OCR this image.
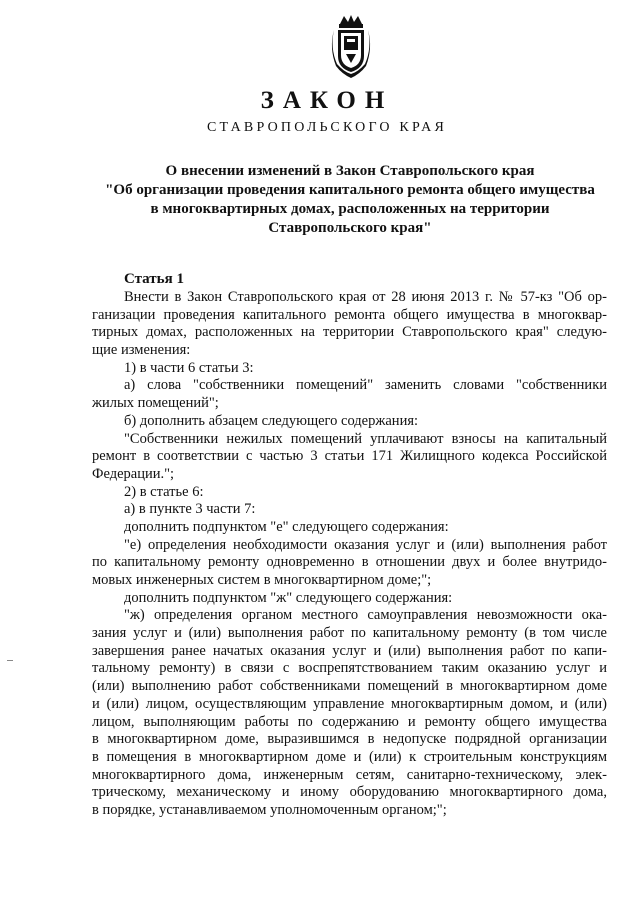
ЗАКОН
СТАВРОПОЛЬСКОГО КРАЯ
О внесении изменений в Закон Ставропольского края
"Об организации проведения капитального ремонта общего имущества
в многоквартирных домах, расположенных на территории
Ставропольского края"
Статья 1
Внести в Закон Ставропольского края от 28 июня 2013 г. № 57-кз "Об ор-
ганизации проведения капитального ремонта общего имущества в многоквар-
тирных домах, расположенных на территории Ставропольского края" следую-
щие изменения:
1) в части 6 статьи 3:
а) слова "собственники помещений" заменить словами "собственники
жилых помещений";
б) дополнить абзацем следующего содержания:
"Собственники нежилых помещений уплачивают взносы на капитальный
ремонт в соответствии с частью 3 статьи 171 Жилищного кодекса Российской
Федерации.";
2) в статье 6:
а) в пункте 3 части 7:
дополнить подпунктом "е" следующего содержания:
"е) определения необходимости оказания услуг и (или) выполнения работ
по капитальному ремонту одновременно в отношении двух и более внутридо-
мовых инженерных систем в многоквартирном доме;";
дополнить подпунктом "ж" следующего содержания:
"ж) определения органом местного самоуправления невозможности ока-
зания услуг и (или) выполнения работ по капитальному ремонту (в том числе
завершения ранее начатых оказания услуг и (или) выполнения работ по капи-
тальному ремонту) в связи с воспрепятствованием таким оказанию услуг и
(или) выполнению работ собственниками помещений в многоквартирном доме
и (или) лицом, осуществляющим управление многоквартирным домом, и (или)
лицом, выполняющим работы по содержанию и ремонту общего имущества
в многоквартирном доме, выразившимся в недопуске подрядной организации
в помещения в многоквартирном доме и (или) к строительным конструкциям
многоквартирного дома, инженерным сетям, санитарно-техническому, элек-
трическому, механическому и иному оборудованию многоквартирного дома,
в порядке, устанавливаемом уполномоченным органом;";
